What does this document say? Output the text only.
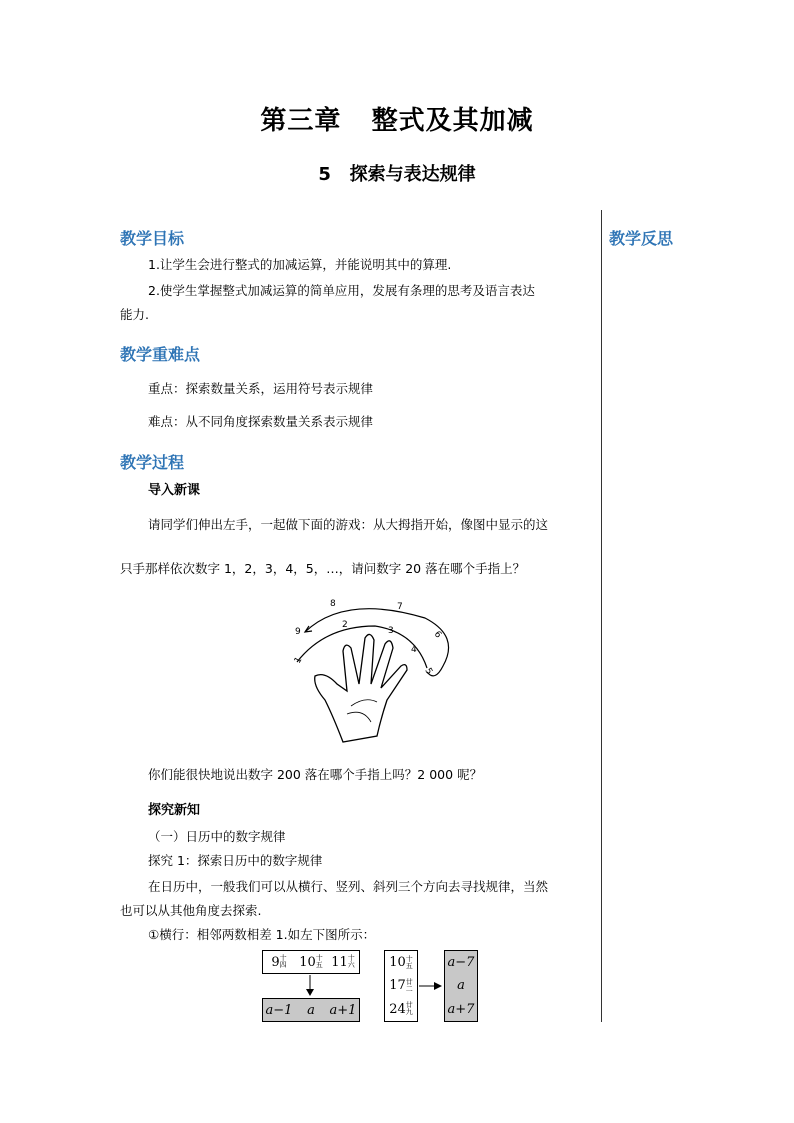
第三章 整式及其加减
5 探索与表达规律
教学反思
教学目标
1.让学生会进行整式的加减运算，并能说明其中的算理.
2.使学生掌握整式加减运算的简单应用，发展有条理的思考及语言表达
能力.
教学重难点
重点：探索数量关系，运用符号表示规律
难点：从不同角度探索数量关系表示规律
教学过程
导入新课
请同学们伸出左手，一起做下面的游戏：从大拇指开始，像图中显示的这
只手那样依次数字 1，2，3，4，5，…，请问数字 20 落在哪个手指上？
1
2
3
4
5
6
7
8
9
你们能很快地说出数字 200 落在哪个手指上吗？2 000 呢？
探究新知
（一）日历中的数字规律
探究 1：探索日历中的数字规律
在日历中，一般我们可以从横行、竖列、斜列三个方向去寻找规律，当然
也可以从其他角度去探索.
①横行：相邻两数相差 1.如左下图所示：
9十
四 10十
五 11十
六
a−1	a	a+1
10十
五
17廿
二
24廿
九
a−7
a
a+7
